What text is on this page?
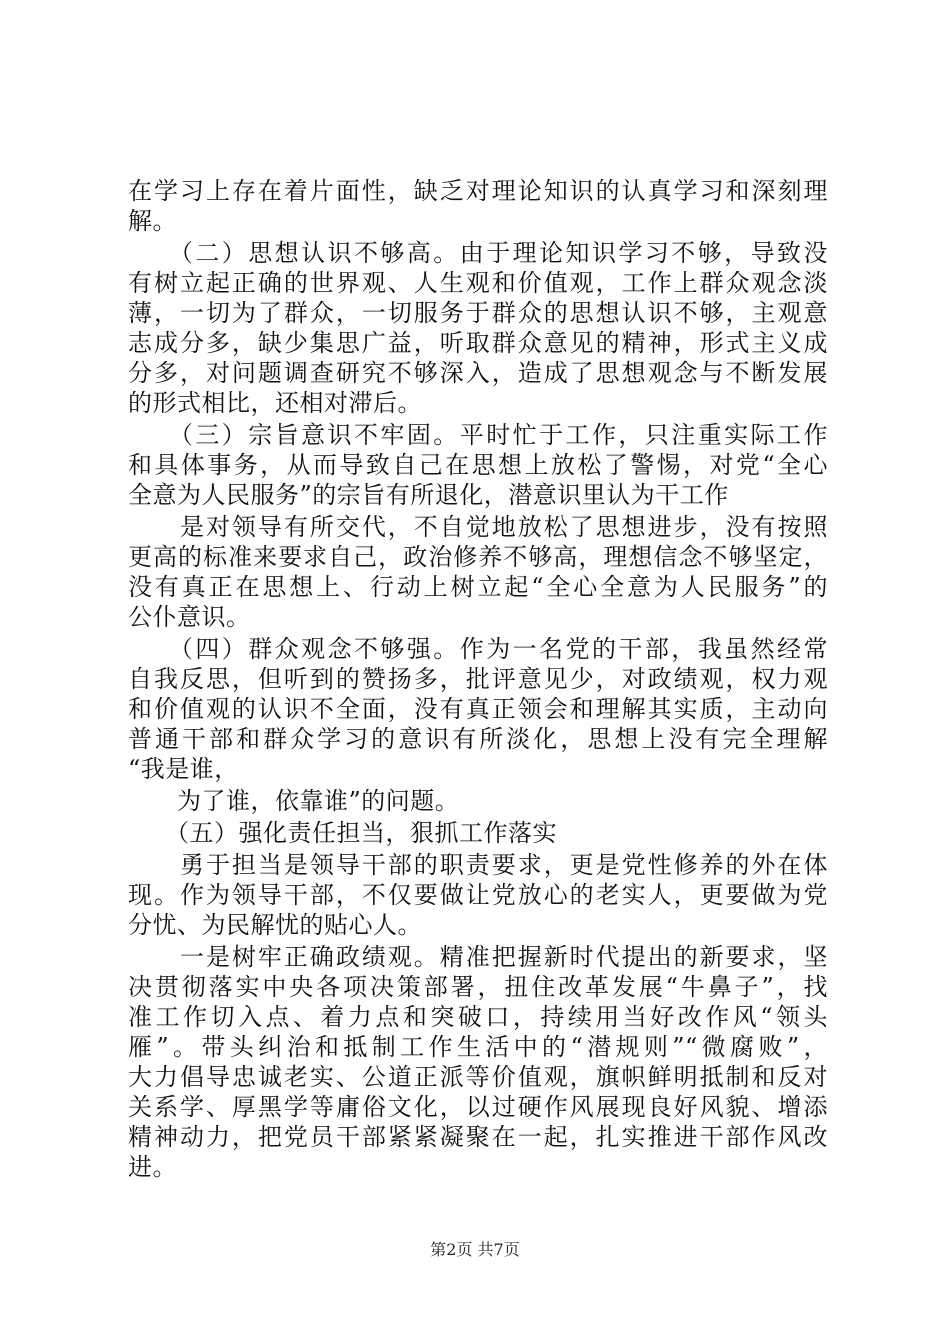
在学习上存在着片面性，缺乏对理论知识的认真学习和深刻理
解。
　　（二）思想认识不够高。由于理论知识学习不够，导致没
有树立起正确的世界观、人生观和价值观，工作上群众观念淡
薄，一切为了群众，一切服务于群众的思想认识不够，主观意
志成分多，缺少集思广益，听取群众意见的精神，形式主义成
分多，对问题调查研究不够深入，造成了思想观念与不断发展
的形式相比，还相对滞后。
　　（三）宗旨意识不牢固。平时忙于工作，只注重实际工作
和具体事务，从而导致自己在思想上放松了警惕，对党“全心
全意为人民服务”的宗旨有所退化，潜意识里认为干工作
　　是对领导有所交代，不自觉地放松了思想进步，没有按照
更高的标准来要求自己，政治修养不够高，理想信念不够坚定，
没有真正在思想上、行动上树立起“全心全意为人民服务”的
公仆意识。
　　（四）群众观念不够强。作为一名党的干部，我虽然经常
自我反思，但听到的赞扬多，批评意见少，对政绩观，权力观
和价值观的认识不全面，没有真正领会和理解其实质，主动向
普通干部和群众学习的意识有所淡化，思想上没有完全理解
“我是谁，
　　为了谁，依靠谁”的问题。
　　（五）强化责任担当，狠抓工作落实
　　勇于担当是领导干部的职责要求，更是党性修养的外在体
现。作为领导干部，不仅要做让党放心的老实人，更要做为党
分忧、为民解忧的贴心人。
　　一是树牢正确政绩观。精准把握新时代提出的新要求，坚
决贯彻落实中央各项决策部署，扭住改革发展“牛鼻子”，找
准工作切入点、着力点和突破口，持续用当好改作风“领头
雁”。带头纠治和抵制工作生活中的“潜规则”“微腐败”，
大力倡导忠诚老实、公道正派等价值观，旗帜鲜明抵制和反对
关系学、厚黑学等庸俗文化，以过硬作风展现良好风貌、增添
精神动力，把党员干部紧紧凝聚在一起，扎实推进干部作风改
进。
第2页 共7页
